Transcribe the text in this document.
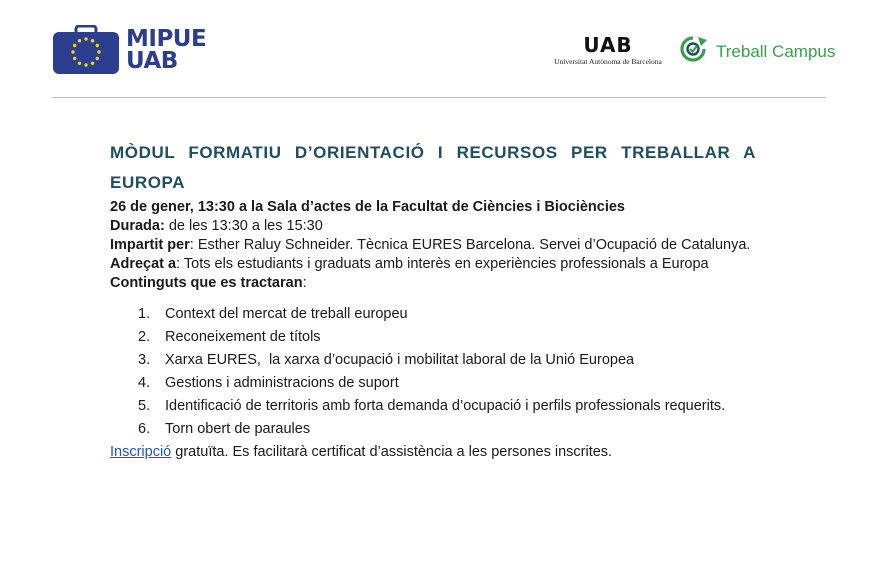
MIPUE
UAB
UAB
Universitat Autònoma de Barcelona
Treball Campus
MÒDUL FORMATIU D’ORIENTACIÓ I RECURSOS PER TREBALLAR A EUROPA

26 de gener, 13:30 a la Sala d’actes de la Facultat de Ciències i Biociències

Durada: de les 13:30 a les 15:30

Impartit per: Esther Raluy Schneider. Tècnica EURES Barcelona. Servei d’Ocupació de Catalunya.

Adreçat a: Tots els estudiants i graduats amb interès en experiències professionals a Europa

Continguts que es tractaran:

1. Context del mercat de treball europeu
2. Reconeixement de títols
3. Xarxa EURES,  la xarxa d’ocupació i mobilitat laboral de la Unió Europea
4. Gestions i administracions de suport
5. Identificació de territoris amb forta demanda d’ocupació i perfils professionals requerits.
6. Torn obert de paraules

Inscripció gratuïta. Es facilitarà certificat d’assistència a les persones inscrites.
